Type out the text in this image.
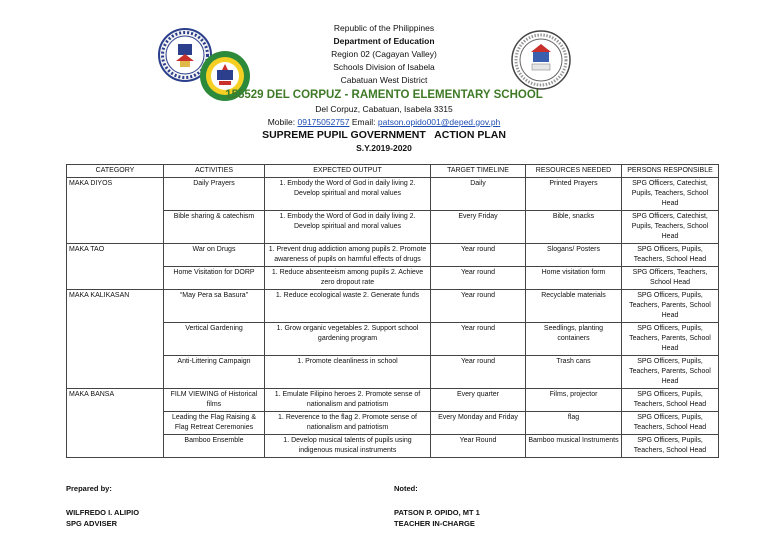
Republic of the Philippines
Department of Education
Region 02 (Cagayan Valley)
Schools Division of Isabela
Cabatuan West District
155529 DEL CORPUZ - RAMENTO ELEMENTARY SCHOOL
Del Corpuz, Cabatuan, Isabela 3315
Mobile: 09175052757 Email: patson.opido001@deped.gov.ph
SUPREME PUPIL GOVERNMENT   ACTION PLAN
S.Y.2019-2020
CATEGORY	ACTIVITIES	EXPECTED OUTPUT	TARGET TIMELINE	RESOURCES NEEDED	PERSONS RESPONSIBLE
MAKA DIYOS	Daily Prayers	1. Embody the Word of God in daily living 2. Develop spiritual and moral values	Daily	Printed Prayers	SPG Officers, Catechist, Pupils, Teachers, School Head
	Bible sharing & catechism	1. Embody the Word of God in daily living 2. Develop spiritual and moral values	Every Friday	Bible, snacks	SPG Officers, Catechist, Pupils, Teachers, School Head
MAKA TAO	War on Drugs	1. Prevent drug addiction among pupils 2. Promote awareness of pupils on harmful effects of drugs	Year round	Slogans/ Posters	SPG Officers, Pupils, Teachers, School Head
	Home Visitation for DORP	1. Reduce absenteeism among pupils 2. Achieve zero dropout rate	Year round	Home visitation form	SPG Officers, Teachers, School Head
MAKA KALIKASAN	“May Pera sa Basura”	1. Reduce ecological waste 2. Generate funds	Year round	Recyclable materials	SPG Officers, Pupils, Teachers, Parents, School Head
	Vertical Gardening	1. Grow organic vegetables 2. Support school gardening program	Year round	Seedlings, planting containers	SPG Officers, Pupils, Teachers, Parents, School Head
	Anti-Littering Campaign	1. Promote cleanliness in school	Year round	Trash cans	SPG Officers, Pupils, Teachers, Parents, School Head
MAKA BANSA	FILM VIEWING of Historical films	1. Emulate Filipino heroes 2. Promote sense of nationalism and patriotism	Every quarter	Films, projector	SPG Officers, Pupils, Teachers, School Head
	Leading the Flag Raising & Flag Retreat Ceremonies	1. Reverence to the flag 2. Promote sense of nationalism and patriotism	Every Monday and Friday	flag	SPG Officers, Pupils, Teachers, School Head
	Bamboo Ensemble	1. Develop musical talents of pupils using indigenous musical instruments	Year Round	Bamboo musical Instruments	SPG Officers, Pupils, Teachers, School Head
Prepared by:	Noted:
WILFREDO I. ALIPIO
SPG ADVISER
PATSON P. OPIDO, MT 1
TEACHER IN-CHARGE
